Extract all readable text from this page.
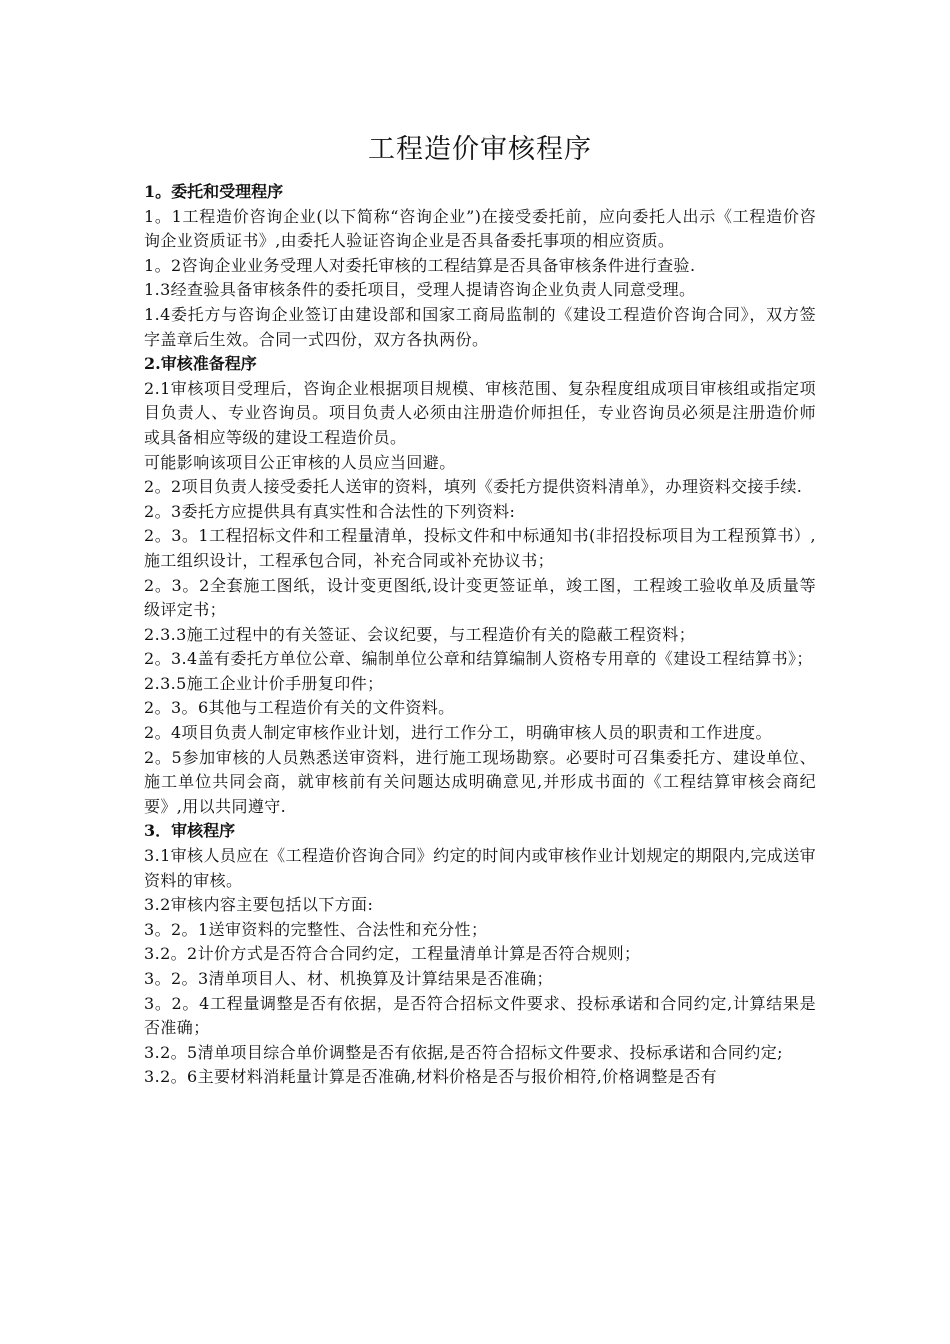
工程造价审核程序
1。委托和受理程序

1。1工程造价咨询企业(以下简称“咨询企业”)在接受委托前，应向委托人出示《工程造价咨询企业资质证书》,由委托人验证咨询企业是否具备委托事项的相应资质。

1。2咨询企业业务受理人对委托审核的工程结算是否具备审核条件进行查验.

1.3经查验具备审核条件的委托项目，受理人提请咨询企业负责人同意受理。

1.4委托方与咨询企业签订由建设部和国家工商局监制的《建设工程造价咨询合同》，双方签字盖章后生效。合同一式四份，双方各执两份。

2.审核准备程序

2.1审核项目受理后，咨询企业根据项目规模、审核范围、复杂程度组成项目审核组或指定项目负责人、专业咨询员。项目负责人必须由注册造价师担任，专业咨询员必须是注册造价师或具备相应等级的建设工程造价员。

可能影响该项目公正审核的人员应当回避。

2。2项目负责人接受委托人送审的资料，填列《委托方提供资料清单》，办理资料交接手续.

2。3委托方应提供具有真实性和合法性的下列资料:

2。3。1工程招标文件和工程量清单，投标文件和中标通知书(非招投标项目为工程预算书）,施工组织设计，工程承包合同，补充合同或补充协议书；

2。3。2全套施工图纸，设计变更图纸,设计变更签证单，竣工图，工程竣工验收单及质量等级评定书；

2.3.3施工过程中的有关签证、会议纪要，与工程造价有关的隐蔽工程资料；

2。3.4盖有委托方单位公章、编制单位公章和结算编制人资格专用章的《建设工程结算书》；

2.3.5施工企业计价手册复印件；

2。3。6其他与工程造价有关的文件资料。

2。4项目负责人制定审核作业计划，进行工作分工，明确审核人员的职责和工作进度。

2。5参加审核的人员熟悉送审资料，进行施工现场勘察。必要时可召集委托方、建设单位、施工单位共同会商，就审核前有关问题达成明确意见,并形成书面的《工程结算审核会商纪要》,用以共同遵守.

3．审核程序

3.1审核人员应在《工程造价咨询合同》约定的时间内或审核作业计划规定的期限内,完成送审资料的审核。

3.2审核内容主要包括以下方面:

3。2。1送审资料的完整性、合法性和充分性；

3.2。2计价方式是否符合合同约定，工程量清单计算是否符合规则；

3。2。3清单项目人、材、机换算及计算结果是否准确；

3。2。4工程量调整是否有依据，是否符合招标文件要求、投标承诺和合同约定,计算结果是否准确；

3.2。5清单项目综合单价调整是否有依据,是否符合招标文件要求、投标承诺和合同约定;

3.2。6主要材料消耗量计算是否准确,材料价格是否与报价相符,价格调整是否有
